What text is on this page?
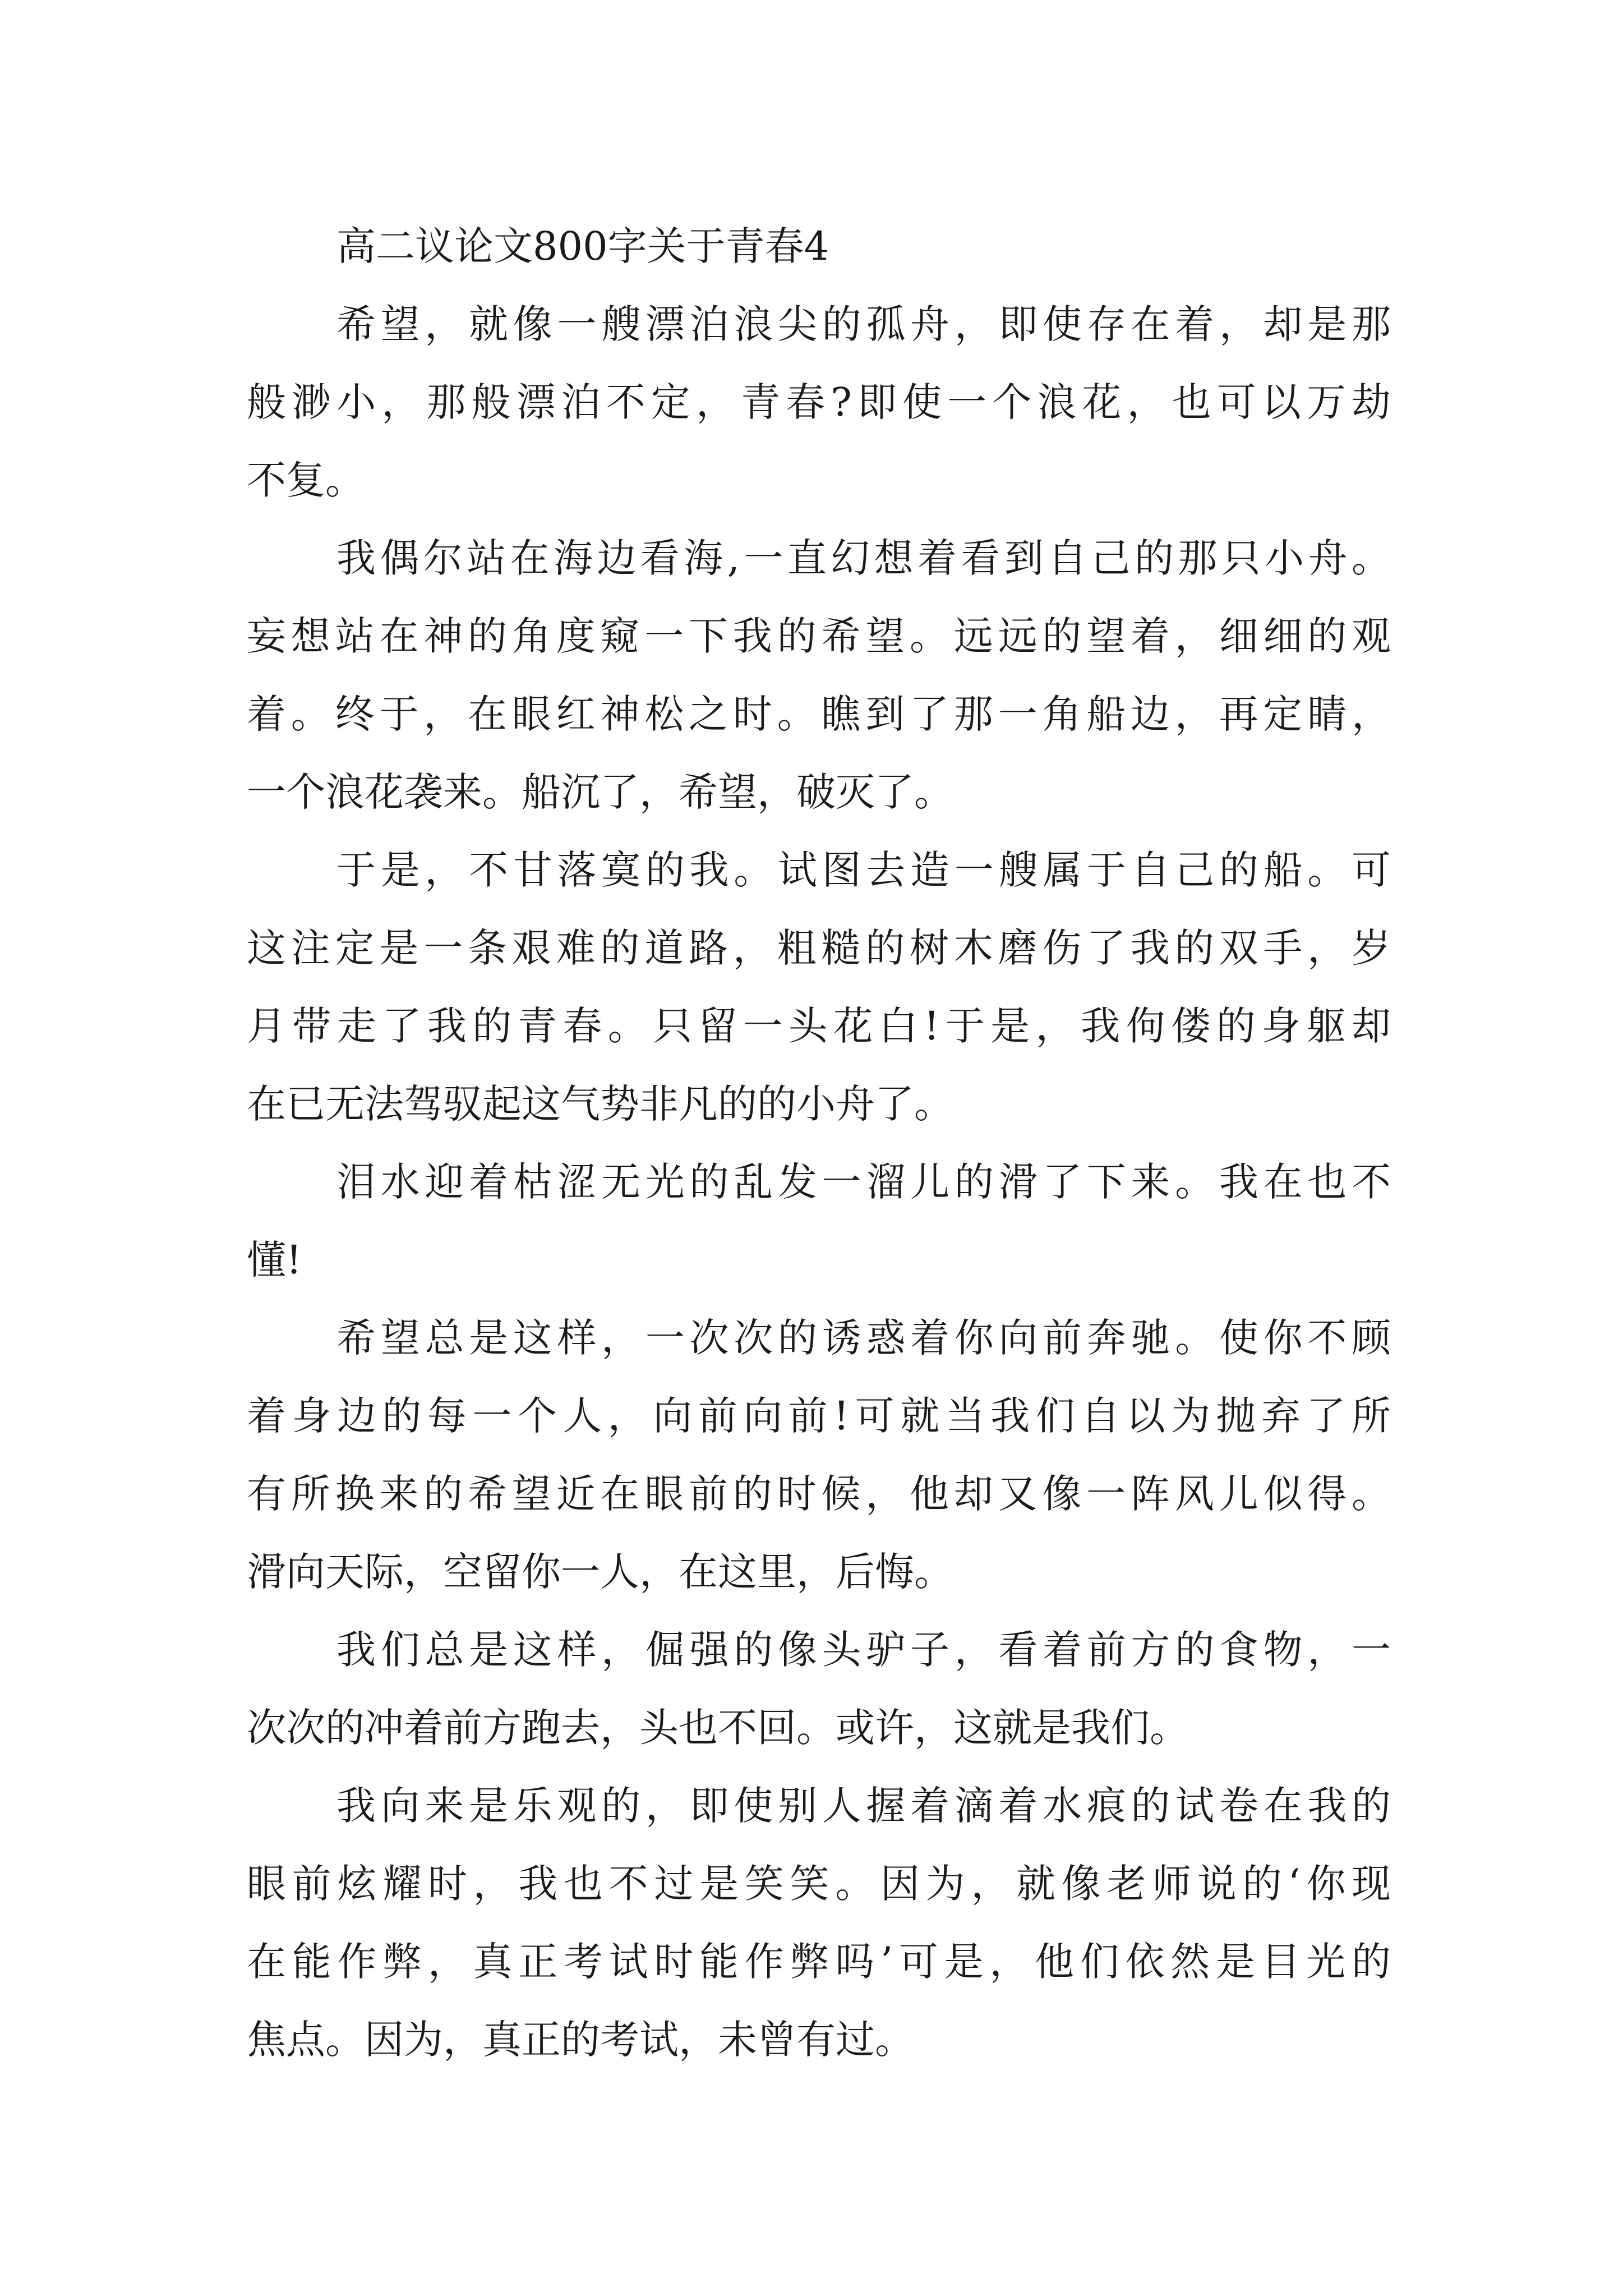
高二议论文800字关于青春4

希望，就像一艘漂泊浪尖的孤舟，即使存在着，却是那
般渺小，那般漂泊不定，青春?即使一个浪花，也可以万劫
不复。

我偶尔站在海边看海,一直幻想着看到自己的那只小舟。
妄想站在神的角度窥一下我的希望。远远的望着，细细的观
着。终于，在眼红神松之时。瞧到了那一角船边，再定睛，
一个浪花袭来。船沉了，希望，破灭了。

于是，不甘落寞的我。试图去造一艘属于自己的船。可
这注定是一条艰难的道路，粗糙的树木磨伤了我的双手，岁
月带走了我的青春。只留一头花白!于是，我佝偻的身躯却
在已无法驾驭起这气势非凡的的小舟了。

泪水迎着枯涩无光的乱发一溜儿的滑了下来。我在也不
懂!

希望总是这样，一次次的诱惑着你向前奔驰。使你不顾
着身边的每一个人，向前向前!可就当我们自以为抛弃了所
有所换来的希望近在眼前的时候，他却又像一阵风儿似得。
滑向天际，空留你一人，在这里，后悔。

我们总是这样，倔强的像头驴子，看着前方的食物，一
次次的冲着前方跑去，头也不回。或许，这就是我们。

我向来是乐观的，即使别人握着滴着水痕的试卷在我的
眼前炫耀时，我也不过是笑笑。因为，就像老师说的‘你现
在能作弊，真正考试时能作弊吗’可是，他们依然是目光的
焦点。因为，真正的考试，未曾有过。
